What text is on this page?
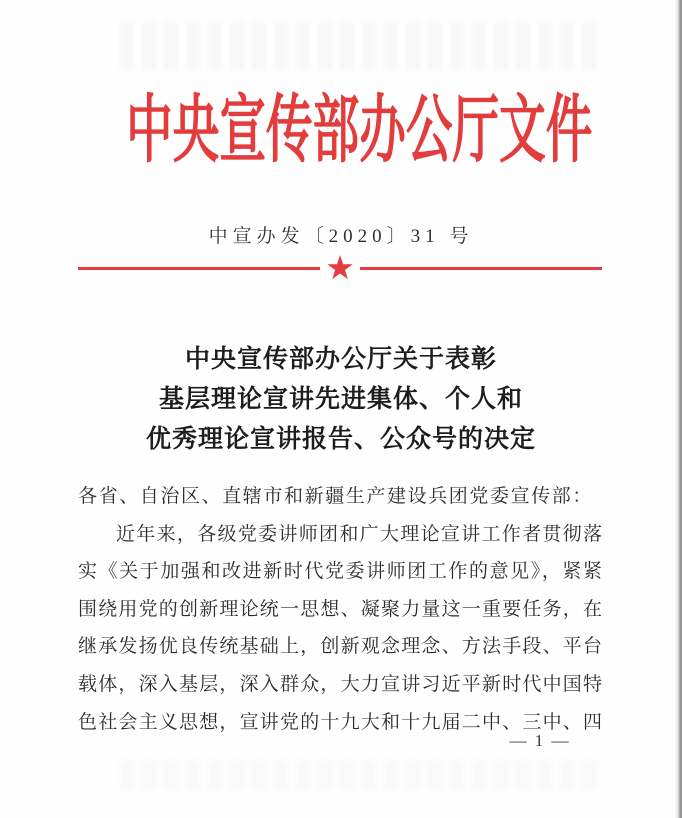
中央宣传部办公厅文件
中宣办发〔2020〕31 号
★
中央宣传部办公厅关于表彰
基层理论宣讲先进集体、个人和
优秀理论宣讲报告、公众号的决定
各省、自治区、直辖市和新疆生产建设兵团党委宣传部：
近年来，各级党委讲师团和广大理论宣讲工作者贯彻落
实《关于加强和改进新时代党委讲师团工作的意见》，紧紧
围绕用党的创新理论统一思想、凝聚力量这一重要任务，在
继承发扬优良传统基础上，创新观念理念、方法手段、平台
载体，深入基层，深入群众，大力宣讲习近平新时代中国特
色社会主义思想，宣讲党的十九大和十九届二中、三中、四
— 1 —
